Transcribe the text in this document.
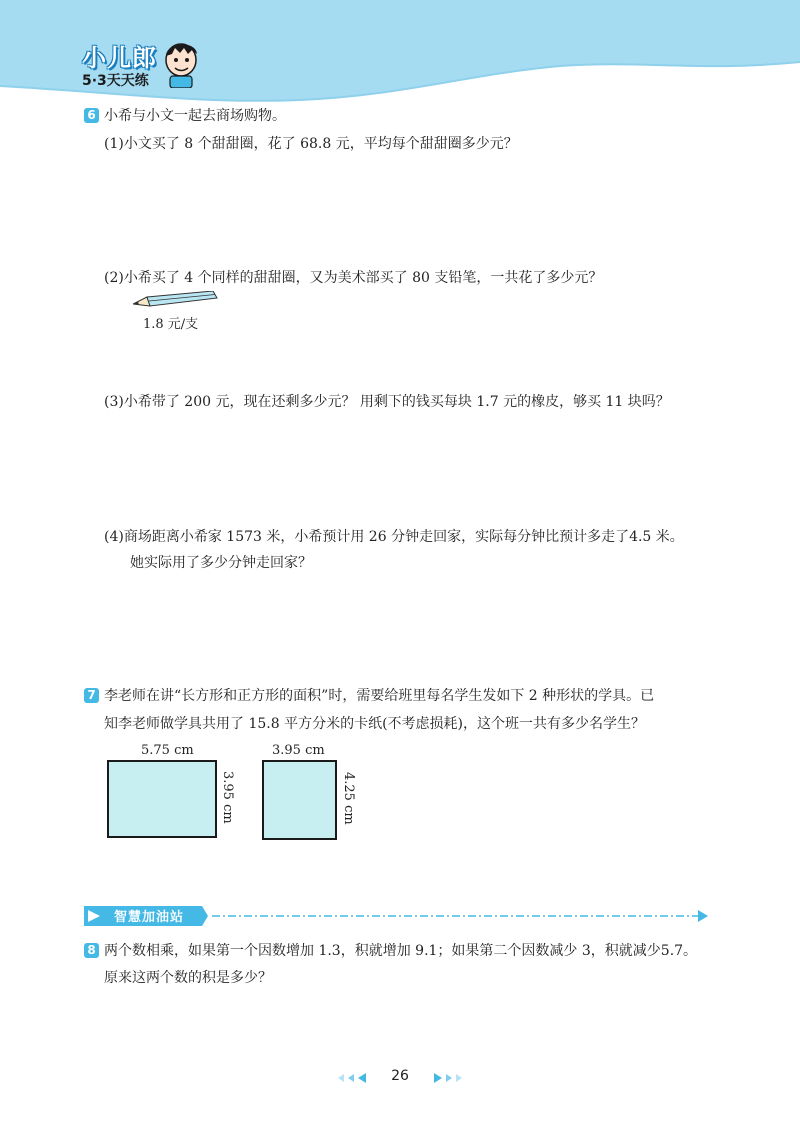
小儿郎
5·3天天练
6 小希与小文一起去商场购物。
(1)小文买了 8 个甜甜圈，花了 68.8 元，平均每个甜甜圈多少元？
(2)小希买了 4 个同样的甜甜圈，又为美术部买了 80 支铅笔，一共花了多少元？
1.8 元/支
(3)小希带了 200 元，现在还剩多少元？ 用剩下的钱买每块 1.7 元的橡皮，够买 11 块吗？
(4)商场距离小希家 1573 米，小希预计用 26 分钟走回家，实际每分钟比预计多走了4.5 米。
她实际用了多少分钟走回家？
7 李老师在讲“长方形和正方形的面积”时，需要给班里每名学生发如下 2 种形状的学具。已
知李老师做学具共用了 15.8 平方分米的卡纸(不考虑损耗)，这个班一共有多少名学生？
5.75 cm
3.95 cm
3.95 cm
4.25 cm
智慧加油站
8 两个数相乘，如果第一个因数增加 1.3，积就增加 9.1；如果第二个因数减少 3，积就减少5.7。
原来这两个数的积是多少？
26
